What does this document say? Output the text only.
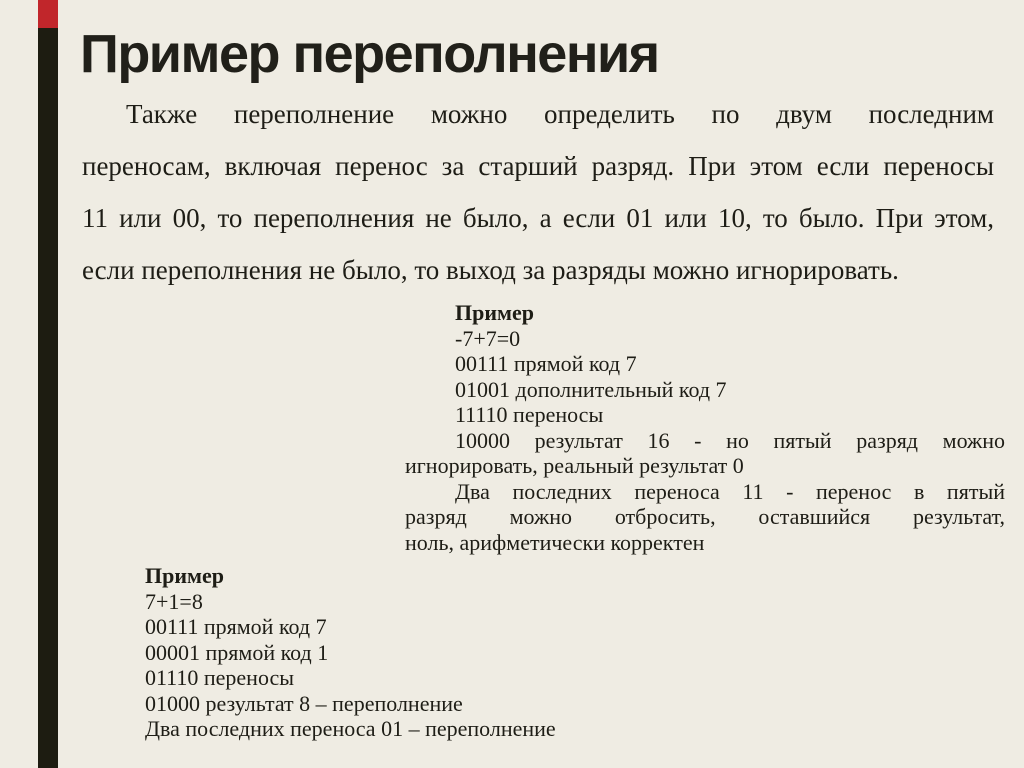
Пример переполнения
Также переполнение можно определить по двум последним
переносам, включая перенос за старший разряд. При этом если переносы
11 или 00, то переполнения не было, а если 01 или 10, то было. При этом,
если переполнения не было, то выход за разряды можно игнорировать.
Пример
-7+7=0
00111 прямой код 7
01001 дополнительный код 7
11110 переносы
10000 результат 16 - но пятый разряд можно
игнорировать, реальный результат 0
Два последних переноса 11 - перенос в пятый
разряд можно отбросить, оставшийся результат,
ноль, арифметически корректен
Пример
7+1=8
00111 прямой код 7
00001 прямой код 1
01110 переносы
01000 результат 8 – переполнение
Два последних переноса 01 – переполнение
